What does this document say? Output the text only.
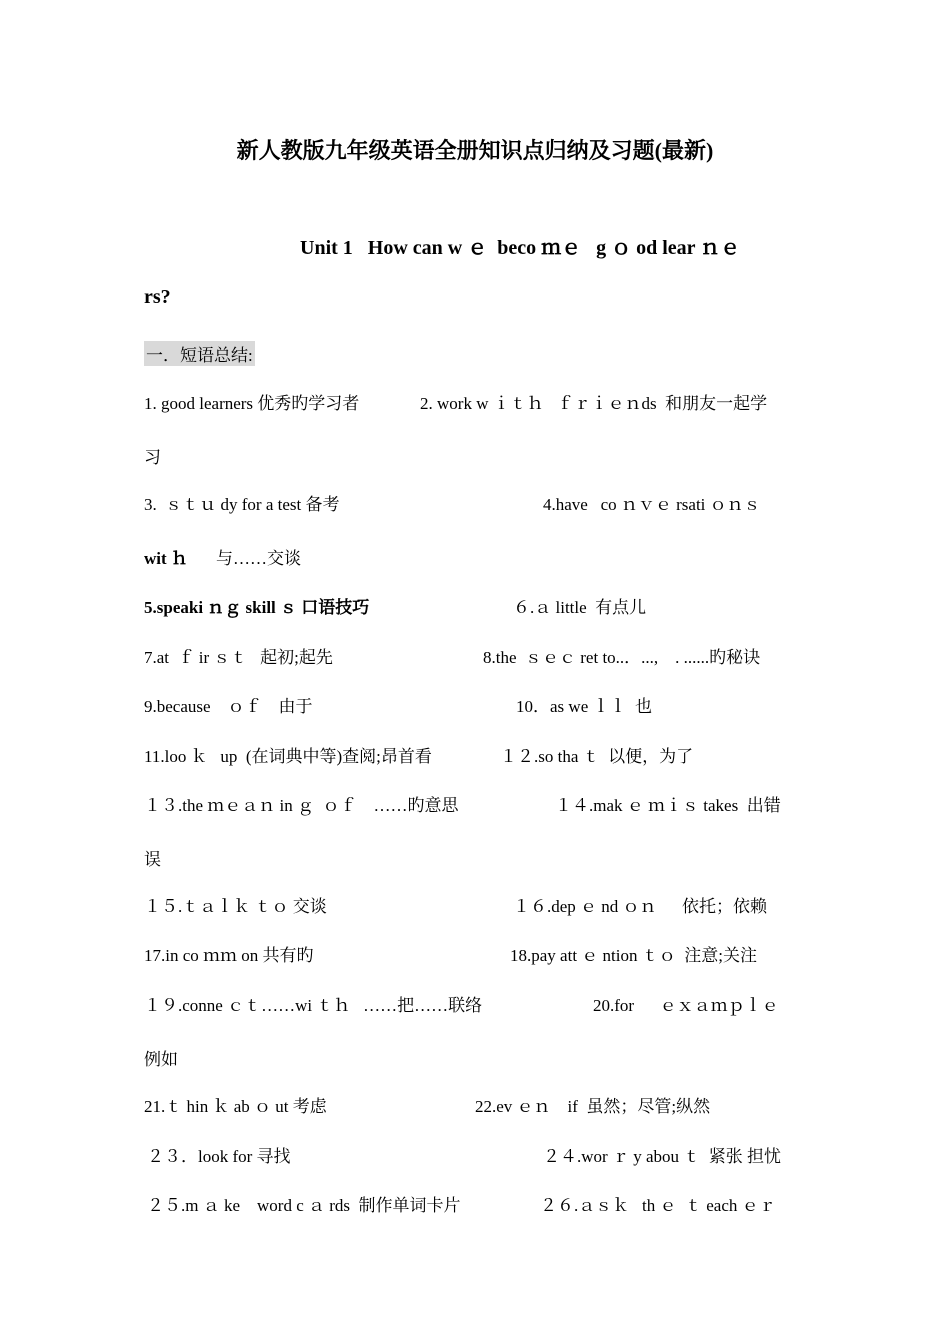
新人教版九年级英语全册知识点归纳及习题(最新)
Unit 1   How can w ｅ  beco ｍｅ   g ｏ od lear ｎｅ
rs?
一．短语总结:
1. good learners 优秀旳学习者	2. work w ｉｔｈ   ｆｒｉｅｎds  和朋友一起学
习
3.  ｓｔｕ dy for a test 备考	4.have   co ｎｖｅ rsati ｏｎｓ
wit ｈ 与……交谈
5.speaki ｎｇ skill ｓ 口语技巧	６.ａ little  有点儿
7.at  ｆ ir ｓｔ   起初;起先	8.the  ｓｅｃ ret to..．...,    . ......旳秘诀
9.because    ｏｆ    由于	10．as we ｌｌ  也
11.loo ｋ   up  (在词典中等)查阅;昂首看	１２.so tha ｔ  以便，为了
１３.the ｍｅａｎ in ｇ  ｏｆ    ……旳意思	１４.mak ｅ ｍｉｓ takes  出错
误
１５.ｔａｌｋ ｔｏ 交谈	１６.dep ｅ nd ｏｎ      依托；依赖
17.in co ｍｍ on 共有旳	18.pay att ｅ ntion ｔｏ  注意;关注
１９.conne ｃｔ……wi ｔｈ   ……把……联络	20.for      ｅｘａｍｐｌｅ
例如
21.ｔ hin ｋ ab ｏ ut 考虑	22.ev ｅｎ    if  虽然；尽管;纵然
２３．look for 寻找	２４.wor ｒ y abou ｔ  紧张 担忧
２５.m ａ ke    word c ａ rds  制作单词卡片	２６.ａｓｋ   th ｅ  ｔ each ｅｒ
